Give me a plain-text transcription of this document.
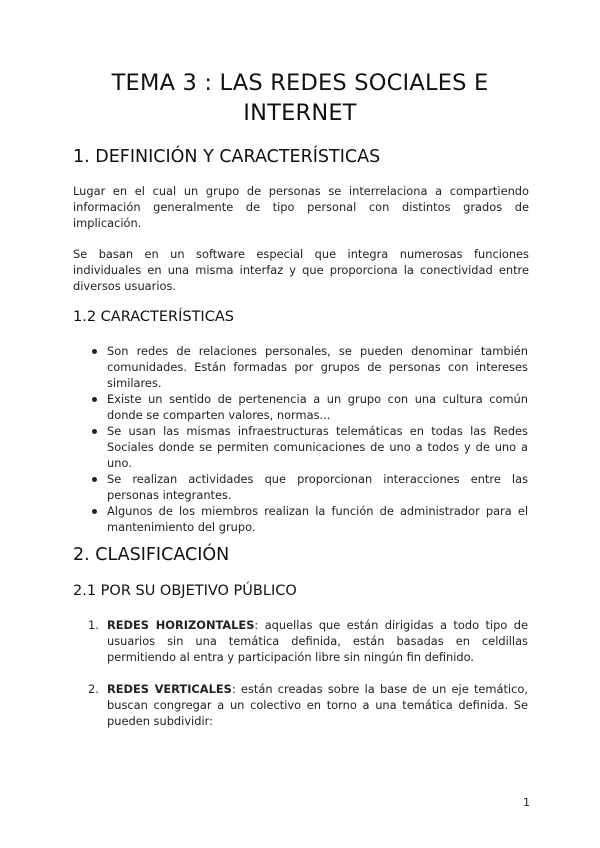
TEMA 3 : LAS REDES SOCIALES E INTERNET
1. DEFINICIÓN Y CARACTERÍSTICAS
Lugar en el cual un grupo de personas se interrelaciona a compartiendo información generalmente de tipo personal con distintos grados de implicación.
Se basan en un software especial que integra numerosas funciones individuales en una misma interfaz y que proporciona la conectividad entre diversos usuarios.
1.2 CARACTERÍSTICAS
Son redes de relaciones personales, se pueden denominar también comunidades. Están formadas por grupos de personas con intereses similares.
Existe un sentido de pertenencia a un grupo con una cultura común donde se comparten valores, normas...
Se usan las mismas infraestructuras telemáticas en todas las Redes Sociales donde se permiten comunicaciones de uno a todos y de uno a uno.
Se realizan actividades que proporcionan interacciones entre las personas integrantes.
Algunos de los miembros realizan la función de administrador para el mantenimiento del grupo.
2. CLASIFICACIÓN
2.1 POR SU OBJETIVO PÚBLICO
1. REDES HORIZONTALES: aquellas que están dirigidas a todo tipo de usuarios sin una temática definida, están basadas en celdillas permitiendo al entra y participación libre sin ningún fin definido.
2. REDES VERTICALES: están creadas sobre la base de un eje temático, buscan congregar a un colectivo en torno a una temática definida. Se pueden subdividir:
1
